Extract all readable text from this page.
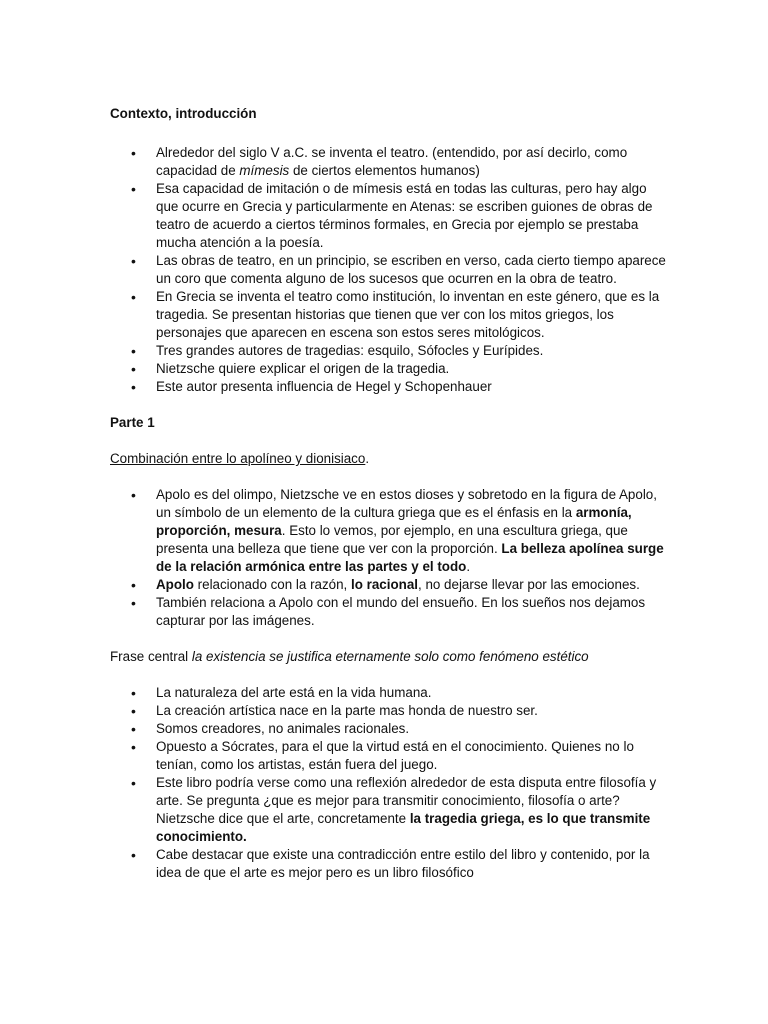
Contexto, introducción

• Alrededor del siglo V a.C. se inventa el teatro. (entendido, por así decirlo, como capacidad de mímesis de ciertos elementos humanos)
• Esa capacidad de imitación o de mímesis está en todas las culturas, pero hay algo que ocurre en Grecia y particularmente en Atenas: se escriben guiones de obras de teatro de acuerdo a ciertos términos formales, en Grecia por ejemplo se prestaba mucha atención a la poesía.
• Las obras de teatro, en un principio, se escriben en verso, cada cierto tiempo aparece un coro que comenta alguno de los sucesos que ocurren en la obra de teatro.
• En Grecia se inventa el teatro como institución, lo inventan en este género, que es la tragedia. Se presentan historias que tienen que ver con los mitos griegos, los personajes que aparecen en escena son estos seres mitológicos.
• Tres grandes autores de tragedias: esquilo, Sófocles y Eurípides.
• Nietzsche quiere explicar el origen de la tragedia.
• Este autor presenta influencia de Hegel y Schopenhauer

Parte 1

Combinación entre lo apolíneo y dionisiaco.

• Apolo es del olimpo, Nietzsche ve en estos dioses y sobretodo en la figura de Apolo, un símbolo de un elemento de la cultura griega que es el énfasis en la armonía, proporción, mesura. Esto lo vemos, por ejemplo, en una escultura griega, que presenta una belleza que tiene que ver con la proporción. La belleza apolínea surge de la relación armónica entre las partes y el todo.
• Apolo relacionado con la razón, lo racional, no dejarse llevar por las emociones.
• También relaciona a Apolo con el mundo del ensueño. En los sueños nos dejamos capturar por las imágenes.

Frase central la existencia se justifica eternamente solo como fenómeno estético

• La naturaleza del arte está en la vida humana.
• La creación artística nace en la parte mas honda de nuestro ser.
• Somos creadores, no animales racionales.
• Opuesto a Sócrates, para el que la virtud está en el conocimiento. Quienes no lo tenían, como los artistas, están fuera del juego.
• Este libro podría verse como una reflexión alrededor de esta disputa entre filosofía y arte. Se pregunta ¿que es mejor para transmitir conocimiento, filosofía o arte? Nietzsche dice que el arte, concretamente la tragedia griega, es lo que transmite conocimiento.
• Cabe destacar que existe una contradicción entre estilo del libro y contenido, por la idea de que el arte es mejor pero es un libro filosófico
